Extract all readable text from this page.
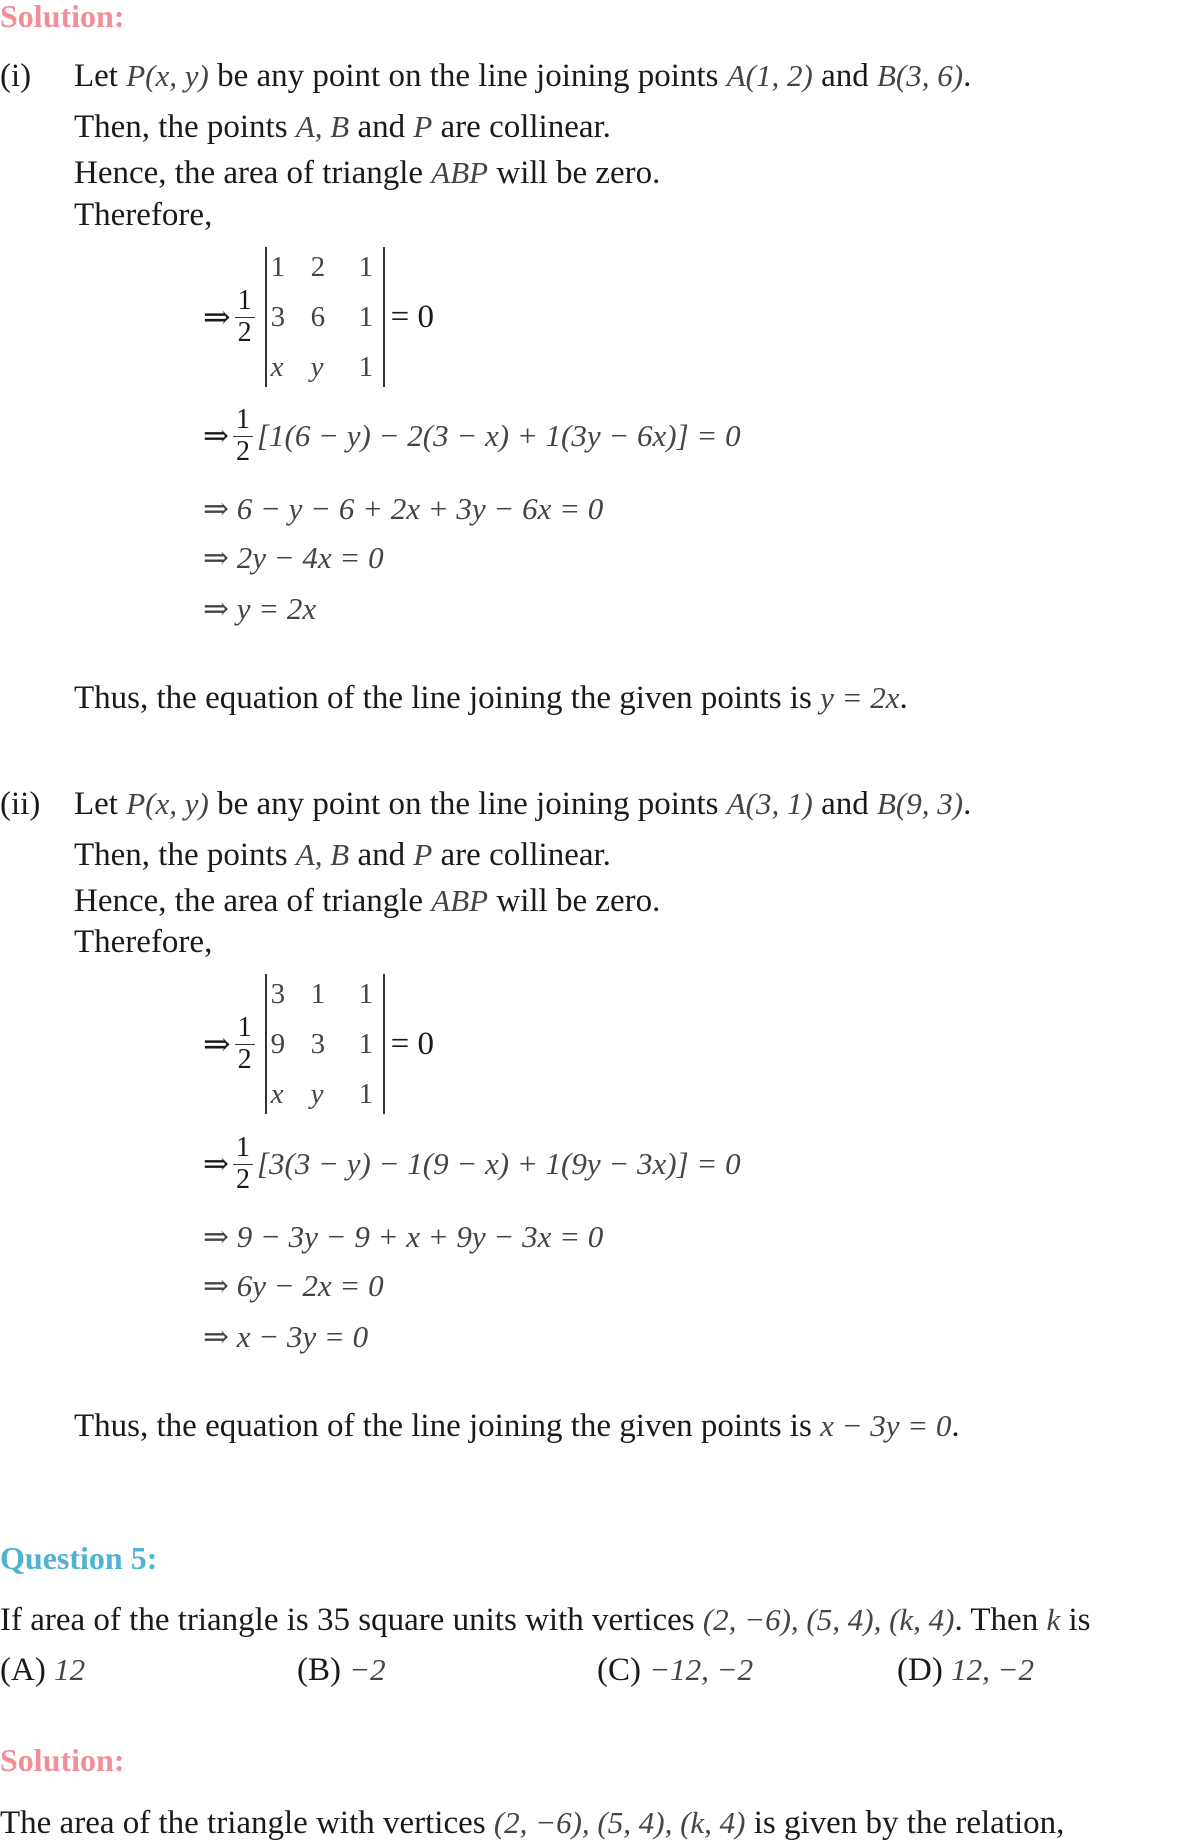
Solution:
(i) Let P(x, y) be any point on the line joining points A(1, 2) and B(3, 6).
Then, the points A, B and P are collinear.
Hence, the area of triangle ABP will be zero.
Therefore,
⇒ $\frac{1}{2}$
1 2	1
3 6	1
x y	1
= 0
⇒ $\frac{1}{2} [1(6 - y) - 2(3 - x) + 1(3y - 6x)] = 0$
⇒ 6 − y − 6 + 2x + 3y − 6x = 0
⇒ 2y − 4x = 0
⇒ y = 2x
Thus, the equation of the line joining the given points is y = 2x.
(ii) Let P(x, y) be any point on the line joining points A(3, 1) and B(9, 3).
Then, the points A, B and P are collinear.
Hence, the area of triangle ABP will be zero.
Therefore,
⇒ $\frac{1}{2}$
3 1	1
9 3	1
x y	1
= 0
⇒ $\frac{1}{2} [3(3 - y) - 1(9 - x) + 1(9y - 3x)] = 0$
⇒ 9 − 3y − 9 + x + 9y − 3x = 0
⇒ 6y − 2x = 0
⇒ x − 3y = 0
Thus, the equation of the line joining the given points is x − 3y = 0.
Question 5:
If area of the triangle is 35 square units with vertices (2, −6), (5, 4), (k, 4). Then k is
(A) 12	(B) −2	(C) −12, −2	(D) 12, −2
Solution:
The area of the triangle with vertices (2, −6), (5, 4), (k, 4) is given by the relation,
